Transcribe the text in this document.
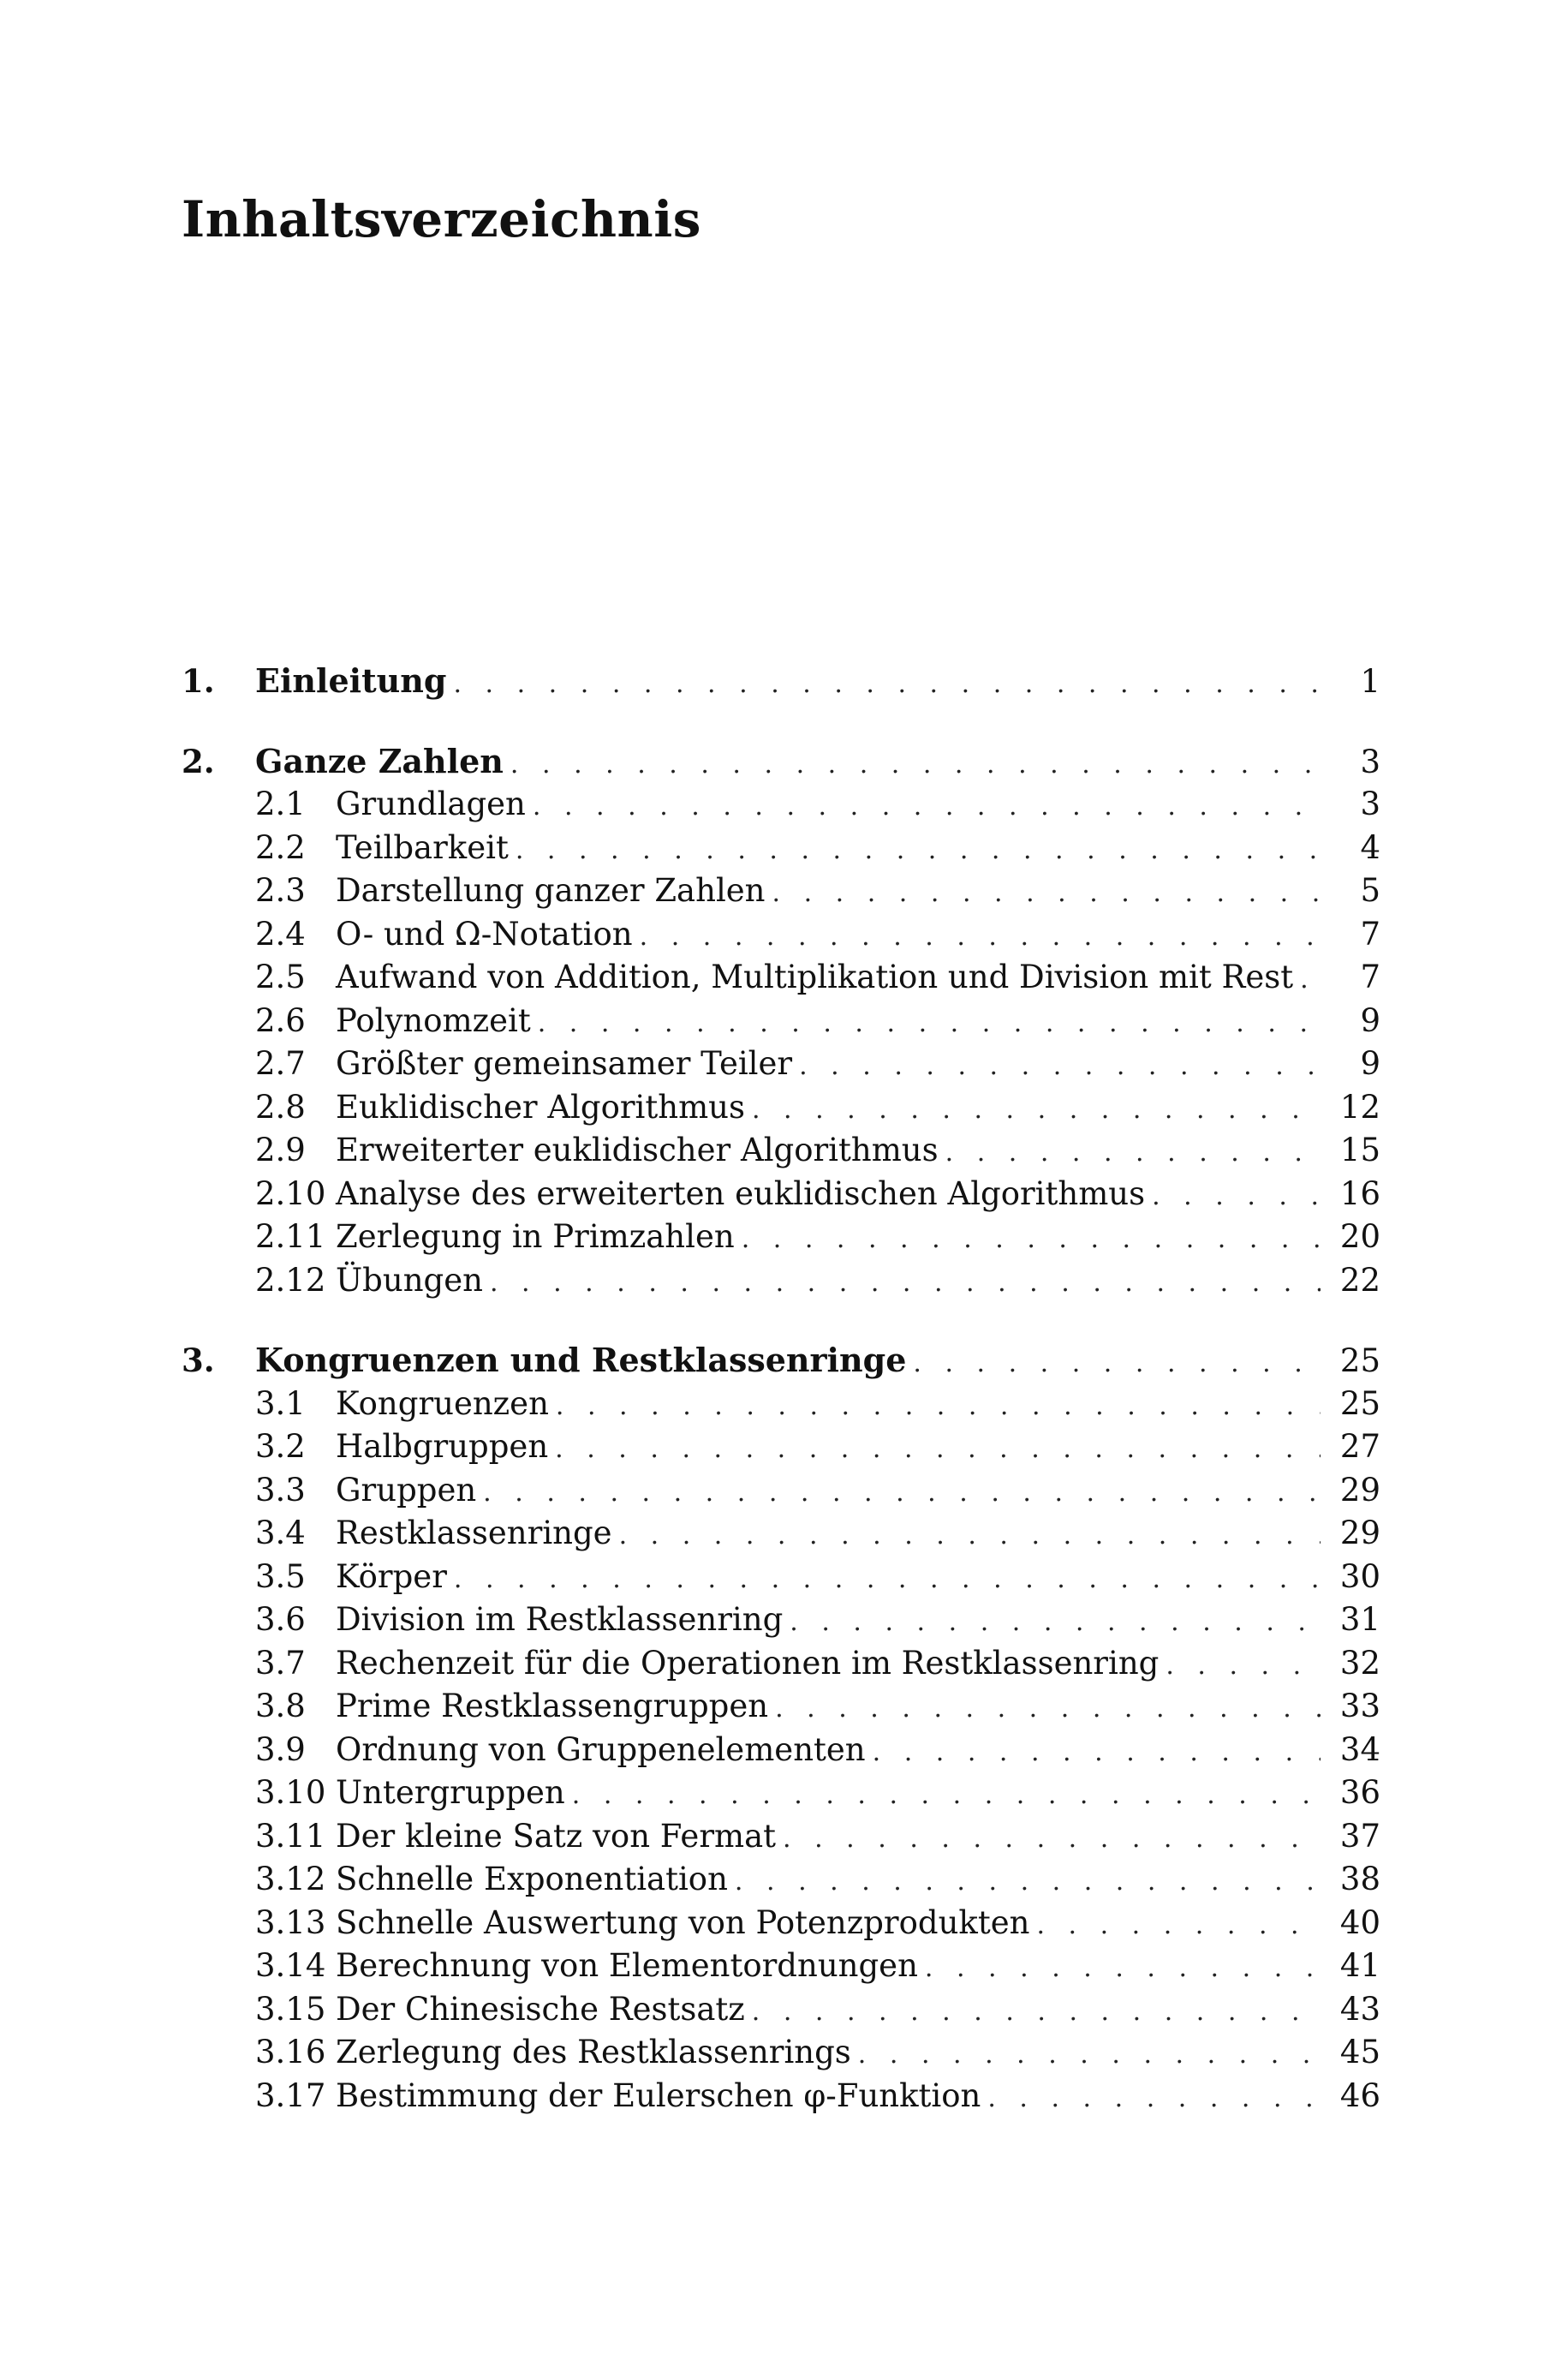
Inhaltsverzeichnis
1.	Einleitung . . .	1
2.	Ganze Zahlen . . .	3
2.1 Grundlagen . . .	3
2.2 Teilbarkeit . . .	4
2.3 Darstellung ganzer Zahlen . . .	5
2.4 O- und Ω-Notation . . .	7
2.5 Aufwand von Addition, Multiplikation und Division mit Rest . . .	7
2.6 Polynomzeit . . .	9
2.7 Größter gemeinsamer Teiler . . .	9
2.8 Euklidischer Algorithmus . . .	12
2.9 Erweiterter euklidischer Algorithmus . . .	15
2.10 Analyse des erweiterten euklidischen Algorithmus . . .	16
2.11 Zerlegung in Primzahlen . . .	20
2.12 Übungen . . .	22
3.	Kongruenzen und Restklassenringe . . .	25
3.1 Kongruenzen . . .	25
3.2 Halbgruppen . . .	27
3.3 Gruppen . . .	29
3.4 Restklassenringe . . .	29
3.5 Körper . . .	30
3.6 Division im Restklassenring . . .	31
3.7 Rechenzeit für die Operationen im Restklassenring . . .	32
3.8 Prime Restklassengruppen . . .	33
3.9 Ordnung von Gruppenelementen . . .	34
3.10 Untergruppen . . .	36
3.11 Der kleine Satz von Fermat . . .	37
3.12 Schnelle Exponentiation . . .	38
3.13 Schnelle Auswertung von Potenzprodukten . . .	40
3.14 Berechnung von Elementordnungen . . .	41
3.15 Der Chinesische Restsatz . . .	43
3.16 Zerlegung des Restklassenrings . . .	45
3.17 Bestimmung der Eulerschen φ-Funktion . . .	46
